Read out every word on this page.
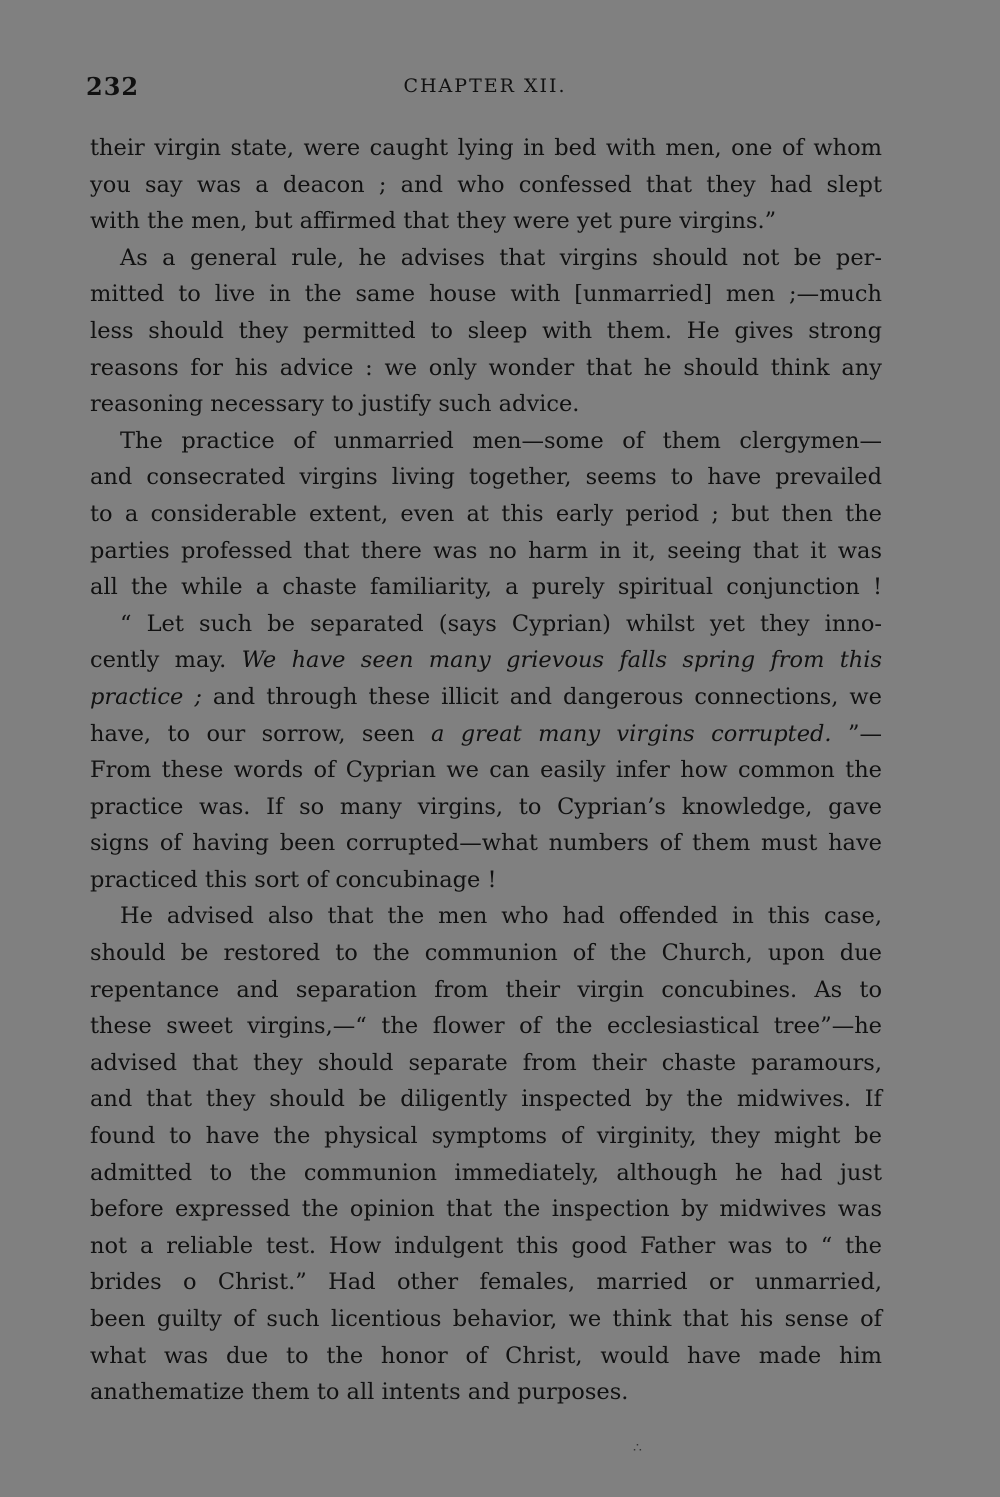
232	CHAPTER XII.
their virgin state, were caught lying in bed with men, one of whom
you say was a deacon ; and who confessed that they had slept
with the men, but affirmed that they were yet pure virgins.”
As a general rule, he advises that virgins should not be per-
mitted to live in the same house with [unmarried] men ;—much
less should they permitted to sleep with them. He gives strong
reasons for his advice : we only wonder that he should think any
reasoning necessary to justify such advice.
The practice of unmarried men—some of them clergymen—
and consecrated virgins living together, seems to have prevailed
to a considerable extent, even at this early period ; but then the
parties professed that there was no harm in it, seeing that it was
all the while a chaste familiarity, a purely spiritual conjunction !
“ Let such be separated (says Cyprian) whilst yet they inno-
cently may. We have seen many grievous falls spring from this
practice ; and through these illicit and dangerous connections, we
have, to our sorrow, seen a great many virgins corrupted. ”—
From these words of Cyprian we can easily infer how common the
practice was. If so many virgins, to Cyprian’s knowledge, gave
signs of having been corrupted—what numbers of them must have
practiced this sort of concubinage !
He advised also that the men who had offended in this case,
should be restored to the communion of the Church, upon due
repentance and separation from their virgin concubines. As to
these sweet virgins,—“ the flower of the ecclesiastical tree”—he
advised that they should separate from their chaste paramours,
and that they should be diligently inspected by the midwives. If
found to have the physical symptoms of virginity, they might be
admitted to the communion immediately, although he had just
before expressed the opinion that the inspection by midwives was
not a reliable test. How indulgent this good Father was to “ the
brides o Christ.” Had other females, married or unmarried,
been guilty of such licentious behavior, we think that his sense of
what was due to the honor of Christ, would have made him
anathematize them to all intents and purposes.
∴
